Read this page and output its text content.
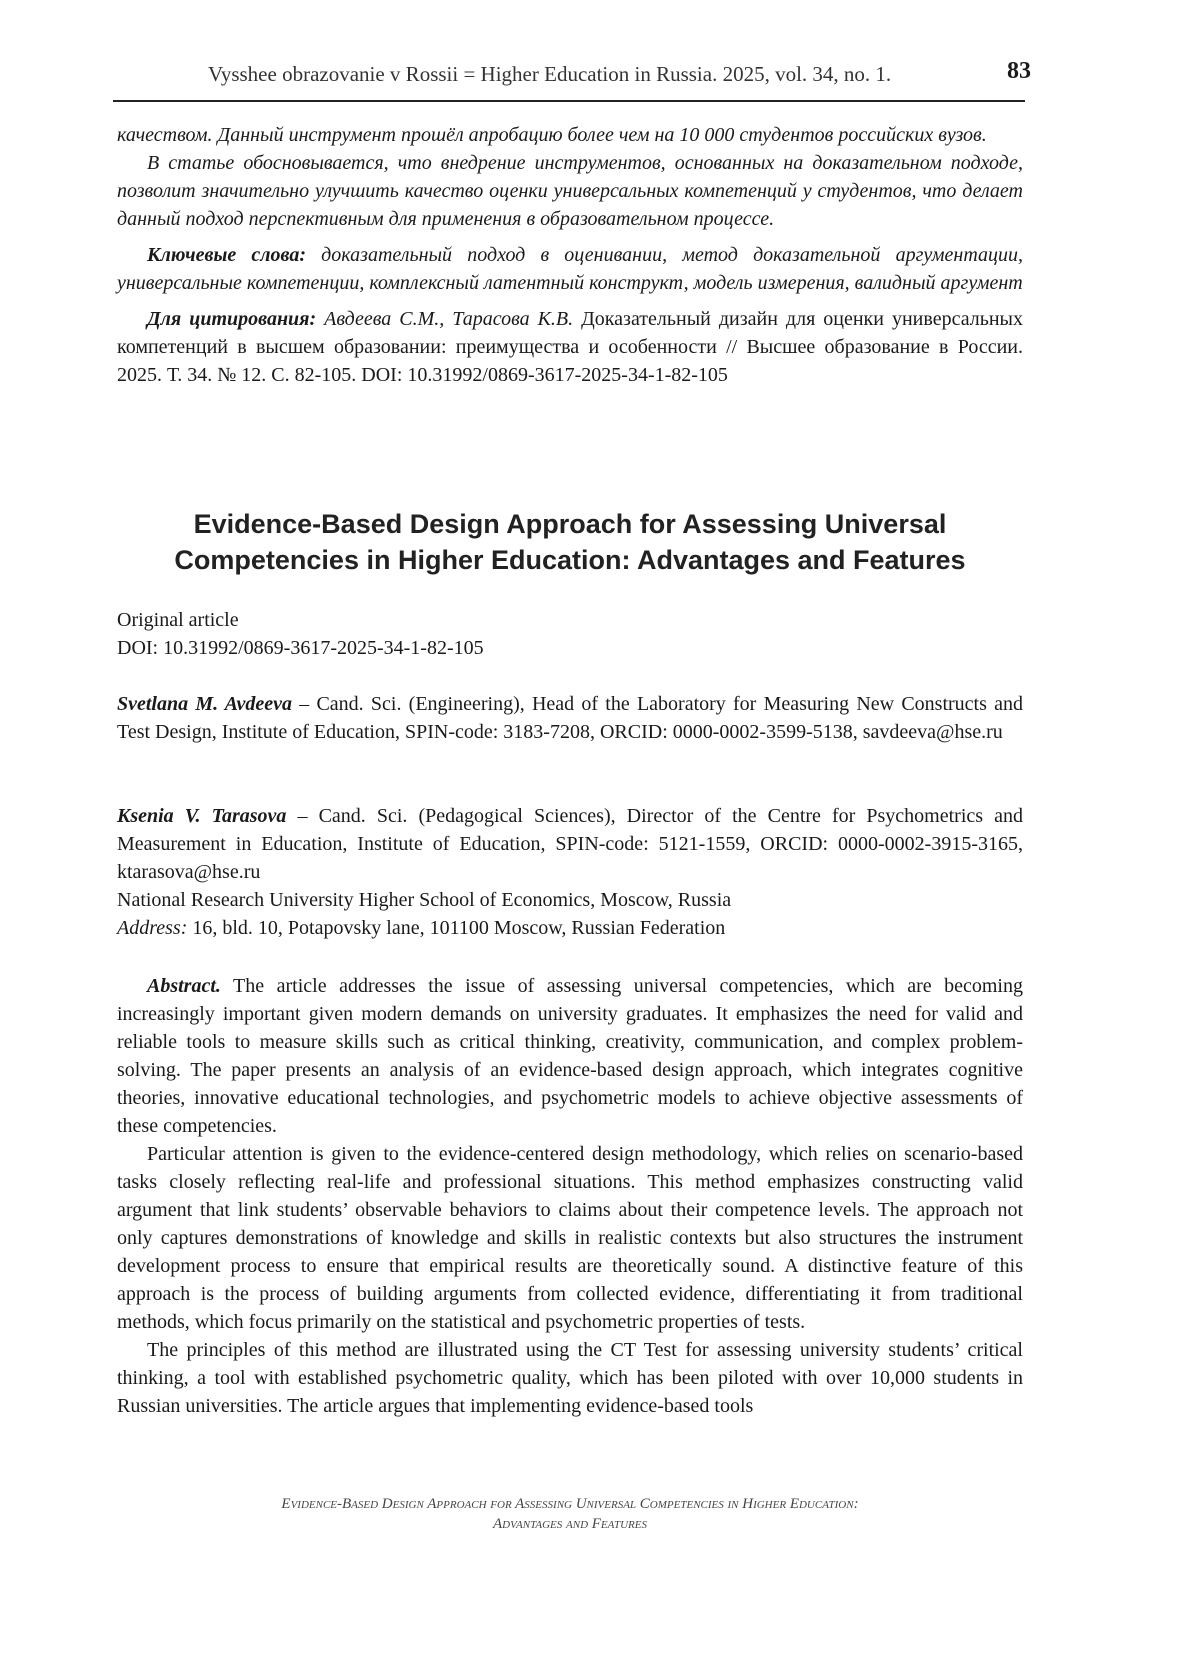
Vysshee obrazovanie v Rossii = Higher Education in Russia. 2025, vol. 34, no. 1.	83

качеством. Данный инструмент прошёл апробацию более чем на 10 000 студентов российских вузов.

В статье обосновывается, что внедрение инструментов, основанных на доказательном подходе, позволит значительно улучшить качество оценки универсальных компетенций у студентов, что делает данный подход перспективным для применения в образовательном процессе.

Ключевые слова: доказательный подход в оценивании, метод доказательной аргументации, универсальные компетенции, комплексный латентный конструкт, модель измерения, валидный аргумент

Для цитирования: Авдеева С.М., Тарасова К.В. Доказательный дизайн для оценки универсальных компетенций в высшем образовании: преимущества и особенности // Высшее образование в России. 2025. Т. 34. № 12. С. 82-105. DOI: 10.31992/0869-3617-2025-34-1-82-105

Evidence-Based Design Approach for Assessing Universal Competencies in Higher Education: Advantages and Features

Original article

DOI: 10.31992/0869-3617-2025-34-1-82-105

Svetlana M. Avdeeva – Cand. Sci. (Engineering), Head of the Laboratory for Measuring New Constructs and Test Design, Institute of Education, SPIN-code: 3183-7208, ORCID: 0000-0002-3599-5138, savdeeva@hse.ru

Ksenia V. Tarasova – Cand. Sci. (Pedagogical Sciences), Director of the Centre for Psychometrics and Measurement in Education, Institute of Education, SPIN-code: 5121-1559, ORCID: 0000-0002-3915-3165, ktarasova@hse.ru

National Research University Higher School of Economics, Moscow, Russia

Address: 16, bld. 10, Potapovsky lane, 101100 Moscow, Russian Federation

Abstract. The article addresses the issue of assessing universal competencies, which are becoming increasingly important given modern demands on university graduates. It emphasizes the need for valid and reliable tools to measure skills such as critical thinking, creativity, communication, and complex problem-solving. The paper presents an analysis of an evidence-based design approach, which integrates cognitive theories, innovative educational technologies, and psychometric models to achieve objective assessments of these competencies.

Particular attention is given to the evidence-centered design methodology, which relies on scenario-based tasks closely reflecting real-life and professional situations. This method emphasizes constructing valid argument that link students’ observable behaviors to claims about their competence levels. The approach not only captures demonstrations of knowledge and skills in realistic contexts but also structures the instrument development process to ensure that empirical results are theoretically sound. A distinctive feature of this approach is the process of building arguments from collected evidence, differentiating it from traditional methods, which focus primarily on the statistical and psychometric properties of tests.

The principles of this method are illustrated using the CT Test for assessing university students’ critical thinking, a tool with established psychometric quality, which has been piloted with over 10,000 students in Russian universities. The article argues that implementing evidence-based tools

Evidence-Based Design Approach for Assessing Universal Competencies in Higher Education:
Advantages and Features
